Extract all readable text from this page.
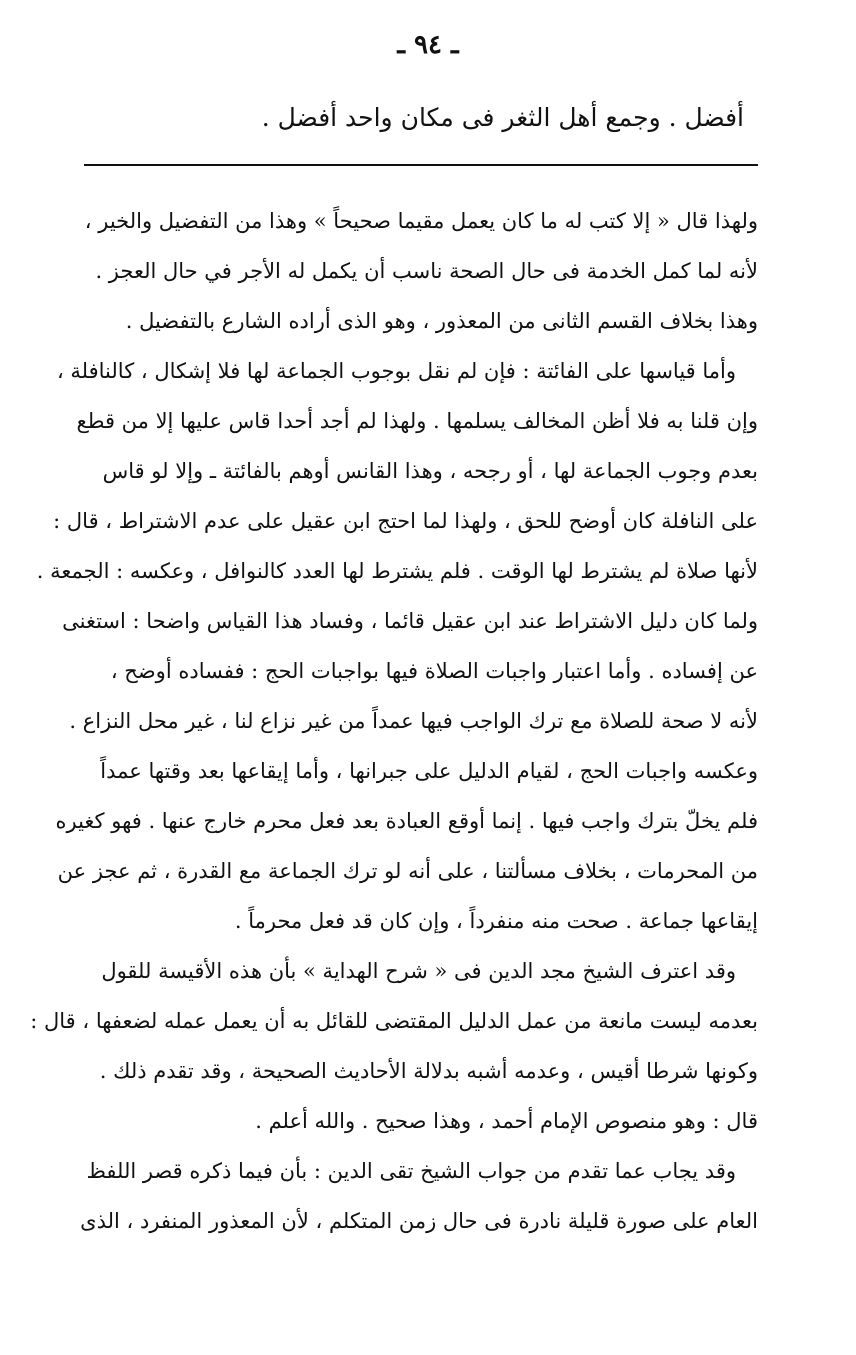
ـ ٩٤ ـ
أفضل . وجمع أهل الثغر فى مكان واحد أفضل .
ولهذا قال « إلا كتب له ما كان يعمل مقيما صحيحاً » وهذا من التفضيل والخير ،
لأنه لما كمل الخدمة فى حال الصحة ناسب أن يكمل له الأجر في حال العجز .
وهذا بخلاف القسم الثانى من المعذور ، وهو الذى أراده الشارع بالتفضيل .
وأما قياسها على الفائتة : فإن لم نقل بوجوب الجماعة لها فلا إشكال ، كالنافلة ،
وإن قلنا به فلا أظن المخالف يسلمها . ولهذا لم أجد أحدا قاس عليها إلا من قطع
بعدم وجوب الجماعة لها ، أو رجحه ، وهذا القانس أوهم بالفائتة ـ وإلا لو قاس
على النافلة كان أوضح للحق ، ولهذا لما احتج ابن عقيل على عدم الاشتراط ، قال :
لأنها صلاة لم يشترط لها الوقت . فلم يشترط لها العدد كالنوافل ، وعكسه : الجمعة .
ولما كان دليل الاشتراط عند ابن عقيل قائما ، وفساد هذا القياس واضحا : استغنى
عن إفساده . وأما اعتبار واجبات الصلاة فيها بواجبات الحج : ففساده أوضح ،
لأنه لا صحة للصلاة مع ترك الواجب فيها عمداً من غير نزاع لنا ، غير محل النزاع .
وعكسه واجبات الحج ، لقيام الدليل على جبرانها ، وأما إيقاعها بعد وقتها عمداً
فلم يخلّ بترك واجب فيها . إنما أوقع العبادة بعد فعل محرم خارج عنها . فهو كغيره
من المحرمات ، بخلاف مسألتنا ، على أنه لو ترك الجماعة مع القدرة ، ثم عجز عن
إيقاعها جماعة . صحت منه منفرداً ، وإن كان قد فعل محرماً .
وقد اعترف الشيخ مجد الدين فى « شرح الهداية » بأن هذه الأقيسة للقول
بعدمه ليست مانعة من عمل الدليل المقتضى للقائل به أن يعمل عمله لضعفها ، قال :
وكونها شرطا أقيس ، وعدمه أشبه بدلالة الأحاديث الصحيحة ، وقد تقدم ذلك .
قال : وهو منصوص الإمام أحمد ، وهذا صحيح . والله أعلم .
وقد يجاب عما تقدم من جواب الشيخ تقى الدين : بأن فيما ذكره قصر اللفظ
العام على صورة قليلة نادرة فى حال زمن المتكلم ، لأن المعذور المنفرد ، الذى
